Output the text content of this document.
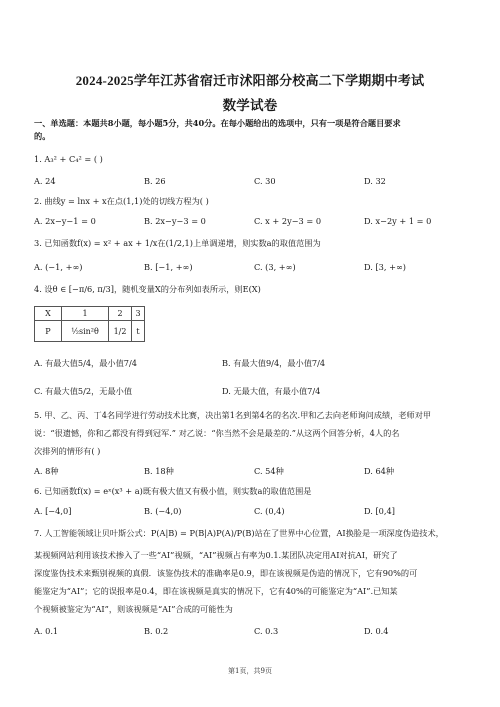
2024-2025学年江苏省宿迁市沭阳部分校高二下学期期中考试
数学试卷
一、单选题：本题共8小题，每小题5分，共40分。在每小题给出的选项中，只有一项是符合题目要求
的。
1. A₃² + C₄² = ( )
A. 24	B. 26	C. 30	D. 32
2. 曲线y = lnx + x在点(1,1)处的切线方程为( )
A. 2x−y−1 = 0	B. 2x−y−3 = 0	C. x + 2y−3 = 0	D. x−2y + 1 = 0
3. 已知函数f(x) = x² + ax + 1/x在(1/2,1)上单调递增，则实数a的取值范围为
A. (−1, +∞)	B. [−1, +∞)	C. (3, +∞)	D. [3, +∞)
4. 设θ ∈ [−π/6, π/3]，随机变量X的分布列如表所示，则E(X)
X	1	2	3
P	½sin²θ	1/2	t
A. 有最大值5/4，最小值7/4	B. 有最大值9/4，最小值7/4
C. 有最大值5/2，无最小值	D. 无最大值，有最小值7/4
5. 甲、乙、丙、丁4名同学进行劳动技术比赛，决出第1名到第4名的名次.甲和乙去向老师询问成绩，老师对甲
说：“很遗憾，你和乙都没有得到冠军.” 对乙说：“你当然不会是最差的.”从这两个回答分析，4人的名
次排列的情形有( )
A. 8种	B. 18种	C. 54种	D. 64种
6. 已知函数f(x) = eˣ(x³ + a)既有极大值又有极小值，则实数a的取值范围是
A. [−4,0]	B. (−4,0)	C. (0,4)	D. [0,4]
7. 人工智能领域让贝叶斯公式：P(A|B) = P(B|A)P(A)/P(B)站在了世界中心位置，AI换脸是一项深度伪造技术，
某视频网站利用该技术掺入了一些“AI”视频，“AI”视频占有率为0.1.某团队决定用AI对抗AI，研究了
深度鉴伪技术来甄别视频的真假．该鉴伪技术的准确率是0.9，即在该视频是伪造的情况下，它有90%的可
能鉴定为“AI”；它的误报率是0.4，即在该视频是真实的情况下，它有40%的可能鉴定为“AI”.已知某
个视频被鉴定为“AI”，则该视频是“AI”合成的可能性为
A. 0.1	B. 0.2	C. 0.3	D. 0.4
第1页，共9页
